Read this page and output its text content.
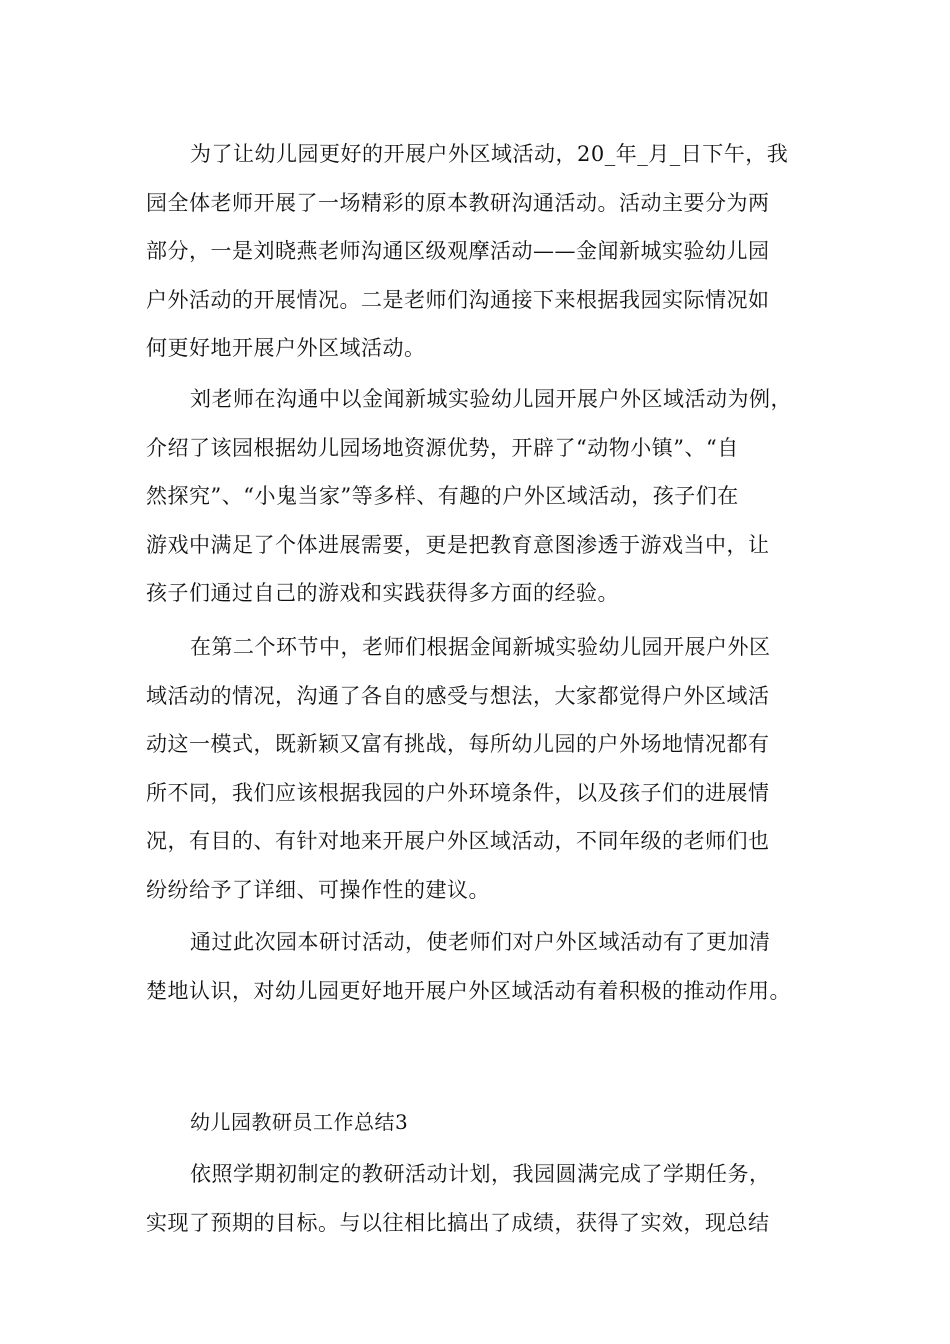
为了让幼儿园更好的开展户外区域活动，20_年_月_日下午，我
园全体老师开展了一场精彩的原本教研沟通活动。活动主要分为两
部分，一是刘晓燕老师沟通区级观摩活动——金闻新城实验幼儿园
户外活动的开展情况。二是老师们沟通接下来根据我园实际情况如
何更好地开展户外区域活动。
刘老师在沟通中以金闻新城实验幼儿园开展户外区域活动为例，
介绍了该园根据幼儿园场地资源优势，开辟了“动物小镇”、“自
然探究”、“小鬼当家”等多样、有趣的户外区域活动，孩子们在
游戏中满足了个体进展需要，更是把教育意图渗透于游戏当中，让
孩子们通过自己的游戏和实践获得多方面的经验。
在第二个环节中，老师们根据金闻新城实验幼儿园开展户外区
域活动的情况，沟通了各自的感受与想法，大家都觉得户外区域活
动这一模式，既新颖又富有挑战，每所幼儿园的户外场地情况都有
所不同，我们应该根据我园的户外环境条件，以及孩子们的进展情
况，有目的、有针对地来开展户外区域活动，不同年级的老师们也
纷纷给予了详细、可操作性的建议。
通过此次园本研讨活动，使老师们对户外区域活动有了更加清
楚地认识，对幼儿园更好地开展户外区域活动有着积极的推动作用。
幼儿园教研员工作总结3
依照学期初制定的教研活动计划，我园圆满完成了学期任务，
实现了预期的目标。与以往相比搞出了成绩，获得了实效，现总结
